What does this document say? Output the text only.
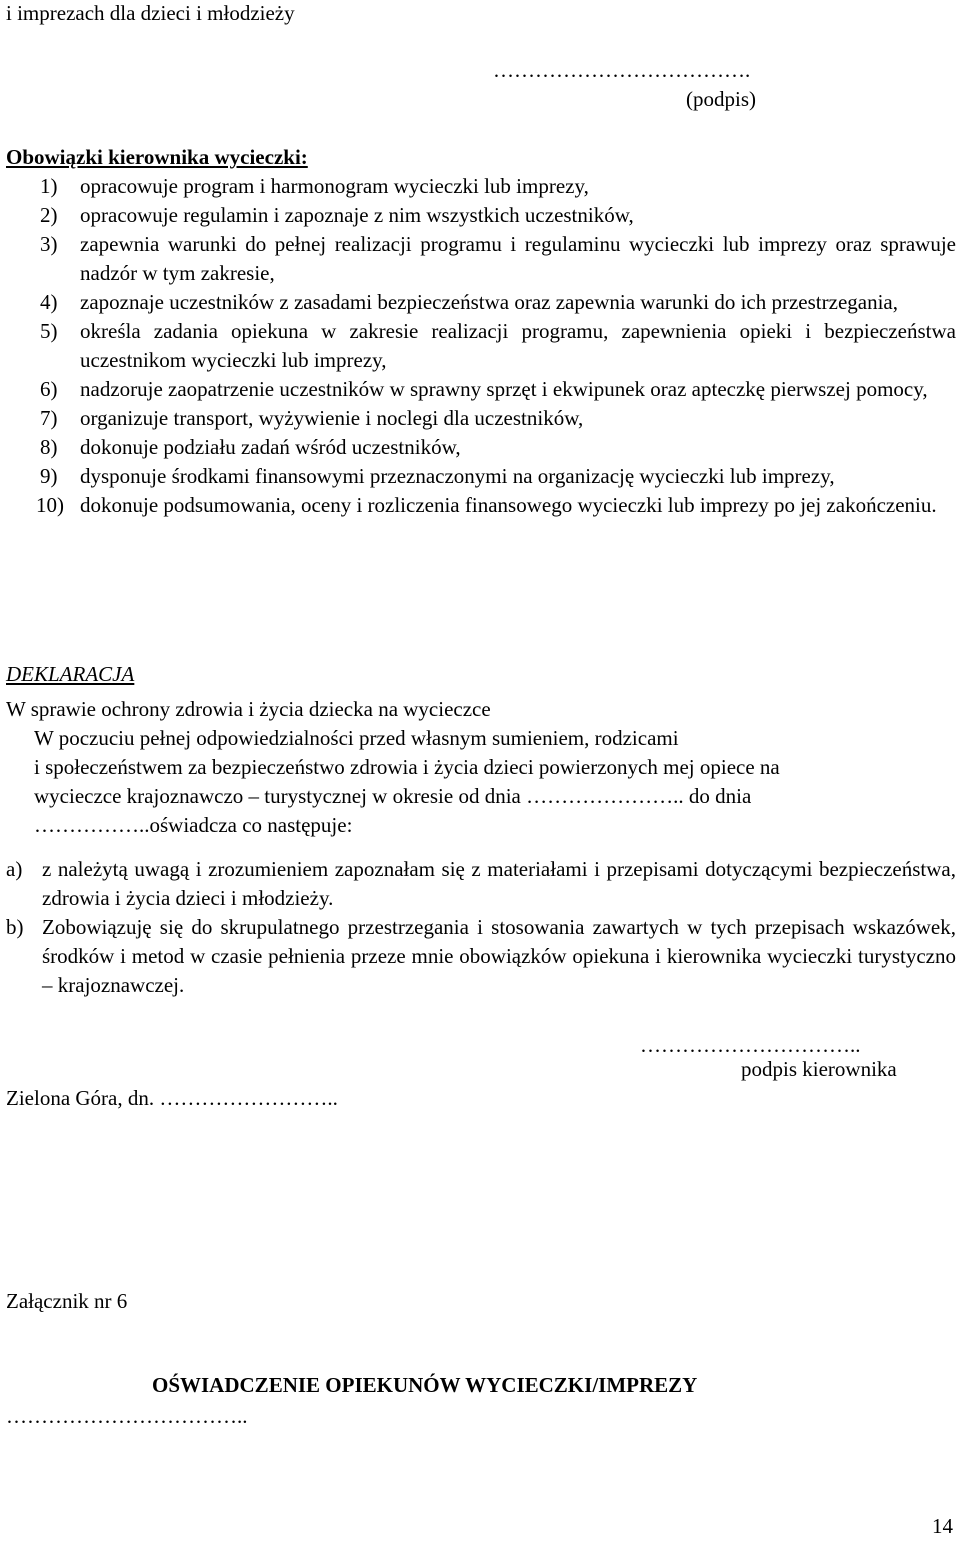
i imprezach dla dzieci i młodzieży
……………………………….
(podpis)
Obowiązki kierownika wycieczki:
1) opracowuje program i harmonogram wycieczki lub imprezy,
2) opracowuje regulamin i zapoznaje z nim wszystkich uczestników,
3) zapewnia warunki do pełnej realizacji programu i regulaminu wycieczki lub imprezy oraz sprawuje nadzór w tym zakresie,
4) zapoznaje uczestników z zasadami bezpieczeństwa oraz zapewnia warunki do ich przestrzegania,
5) określa zadania opiekuna w zakresie realizacji programu, zapewnienia opieki i bezpieczeństwa uczestnikom wycieczki lub imprezy,
6) nadzoruje zaopatrzenie uczestników w sprawny sprzęt i ekwipunek oraz apteczkę pierwszej pomocy,
7) organizuje transport, wyżywienie i noclegi dla uczestników,
8) dokonuje podziału zadań wśród uczestników,
9) dysponuje środkami finansowymi przeznaczonymi na organizację wycieczki lub imprezy,
10) dokonuje podsumowania, oceny i rozliczenia finansowego wycieczki lub imprezy po jej zakończeniu.
DEKLARACJA
W sprawie ochrony zdrowia i życia dziecka na wycieczce

W poczuciu pełnej odpowiedzialności przed własnym sumieniem, rodzicami

i społeczeństwem za bezpieczeństwo zdrowia i życia dzieci powierzonych mej opiece na

wycieczce krajoznawczo – turystycznej w okresie od dnia ………………….. do dnia

……………..oświadcza co następuje:

a) z należytą uwagą i zrozumieniem zapoznałam się z materiałami i przepisami dotyczącymi bezpieczeństwa, zdrowia i życia dzieci i młodzieży.
b) Zobowiązuję się do skrupulatnego przestrzegania i stosowania zawartych w tych przepisach wskazówek, środków i metod w czasie pełnienia przeze mnie obowiązków opiekuna i kierownika wycieczki turystyczno – krajoznawczej.
…………………………..
podpis kierownika
Zielona Góra, dn. ……………………..
Załącznik nr 6
OŚWIADCZENIE OPIEKUNÓW WYCIECZKI/IMPREZY
……………………………..
14
